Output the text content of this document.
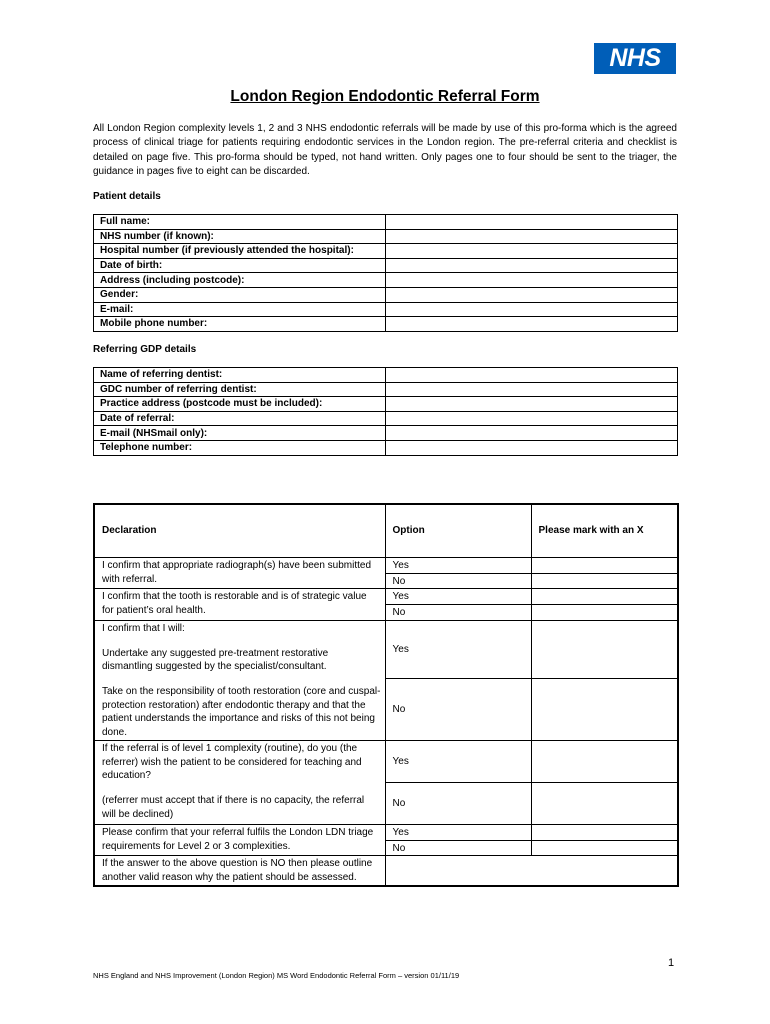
NHS
London Region Endodontic Referral Form
All London Region complexity levels 1, 2 and 3 NHS endodontic referrals will be made by use of this pro-forma which is the agreed process of clinical triage for patients requiring endodontic services in the London region. The pre-referral criteria and checklist is detailed on page five. This pro-forma should be typed, not hand written. Only pages one to four should be sent to the triager, the guidance in pages five to eight can be discarded.
Patient details
Full name:	
NHS number (if known):	
Hospital number (if previously attended the hospital):	
Date of birth:	
Address (including postcode):	
Gender:	
E-mail:	
Mobile phone number:	
Referring GDP details
Name of referring dentist:	
GDC number of referring dentist:	
Practice address (postcode must be included):	
Date of referral:	
E-mail (NHSmail only):	
Telephone number:	
Declaration	Option	Please mark with an X
I confirm that appropriate radiograph(s) have been submitted with referral.	Yes	
	No	
I confirm that the tooth is restorable and is of strategic value for patient’s oral health.	Yes	
	No	

I confirm that I will:
Undertake any suggested pre-treatment restorative dismantling suggested by the specialist/consultant.
Take on the responsibility of tooth restoration (core and cuspal-protection restoration) after endodontic therapy and that the patient understands the importance and risks of this not being done.	Yes	
	No	

If the referral is of level 1 complexity (routine), do you (the referrer) wish the patient to be considered for teaching and education?
(referrer must accept that if there is no capacity, the referral will be declined)	Yes	
	No	
Please confirm that your referral fulfils the London LDN triage requirements for Level 2 or 3 complexities.	Yes	
	No	
If the answer to the above question is NO then please outline another valid reason why the patient should be assessed.		
1
NHS England and NHS Improvement (London Region) MS Word Endodontic Referral Form – version 01/11/19
